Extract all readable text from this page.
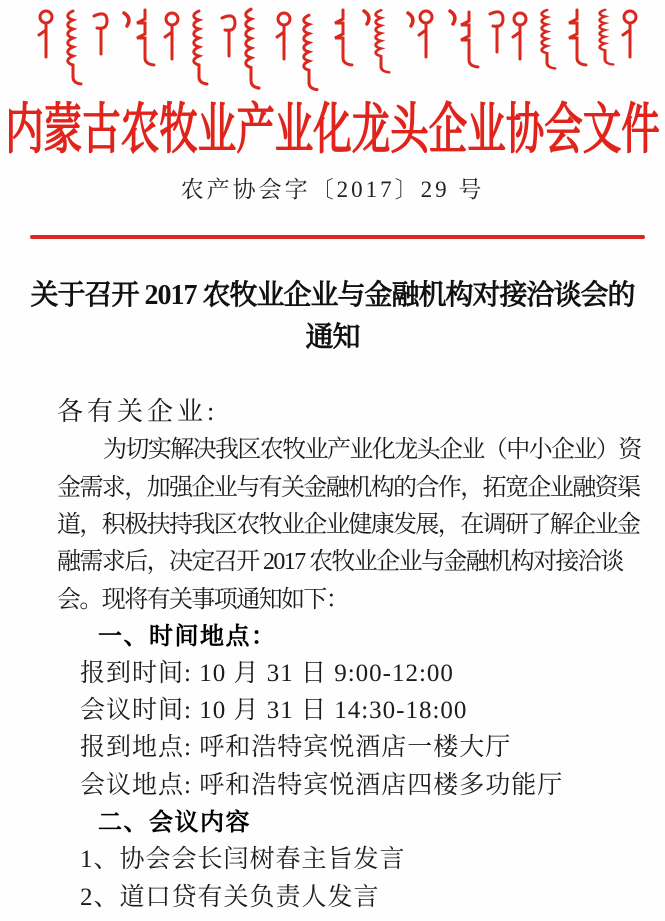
内蒙古农牧业产业化龙头企业协会文件
农产协会字〔2017〕29 号
关于召开 2017 农牧业企业与金融机构对接洽谈会的
通知
各有关企业:
为切实解决我区农牧业产业化龙头企业（中小企业）资
金需求，加强企业与有关金融机构的合作，拓宽企业融资渠
道，积极扶持我区农牧业企业健康发展，在调研了解企业金
融需求后，决定召开 2017 农牧业企业与金融机构对接洽谈
会。现将有关事项通知如下：
一、时间地点：
报到时间: 10 月 31 日 9:00-12:00
会议时间: 10 月 31 日 14:30-18:00
报到地点: 呼和浩特宾悦酒店一楼大厅
会议地点: 呼和浩特宾悦酒店四楼多功能厅
二、会议内容
1、协会会长闫树春主旨发言
2、道口贷有关负责人发言
